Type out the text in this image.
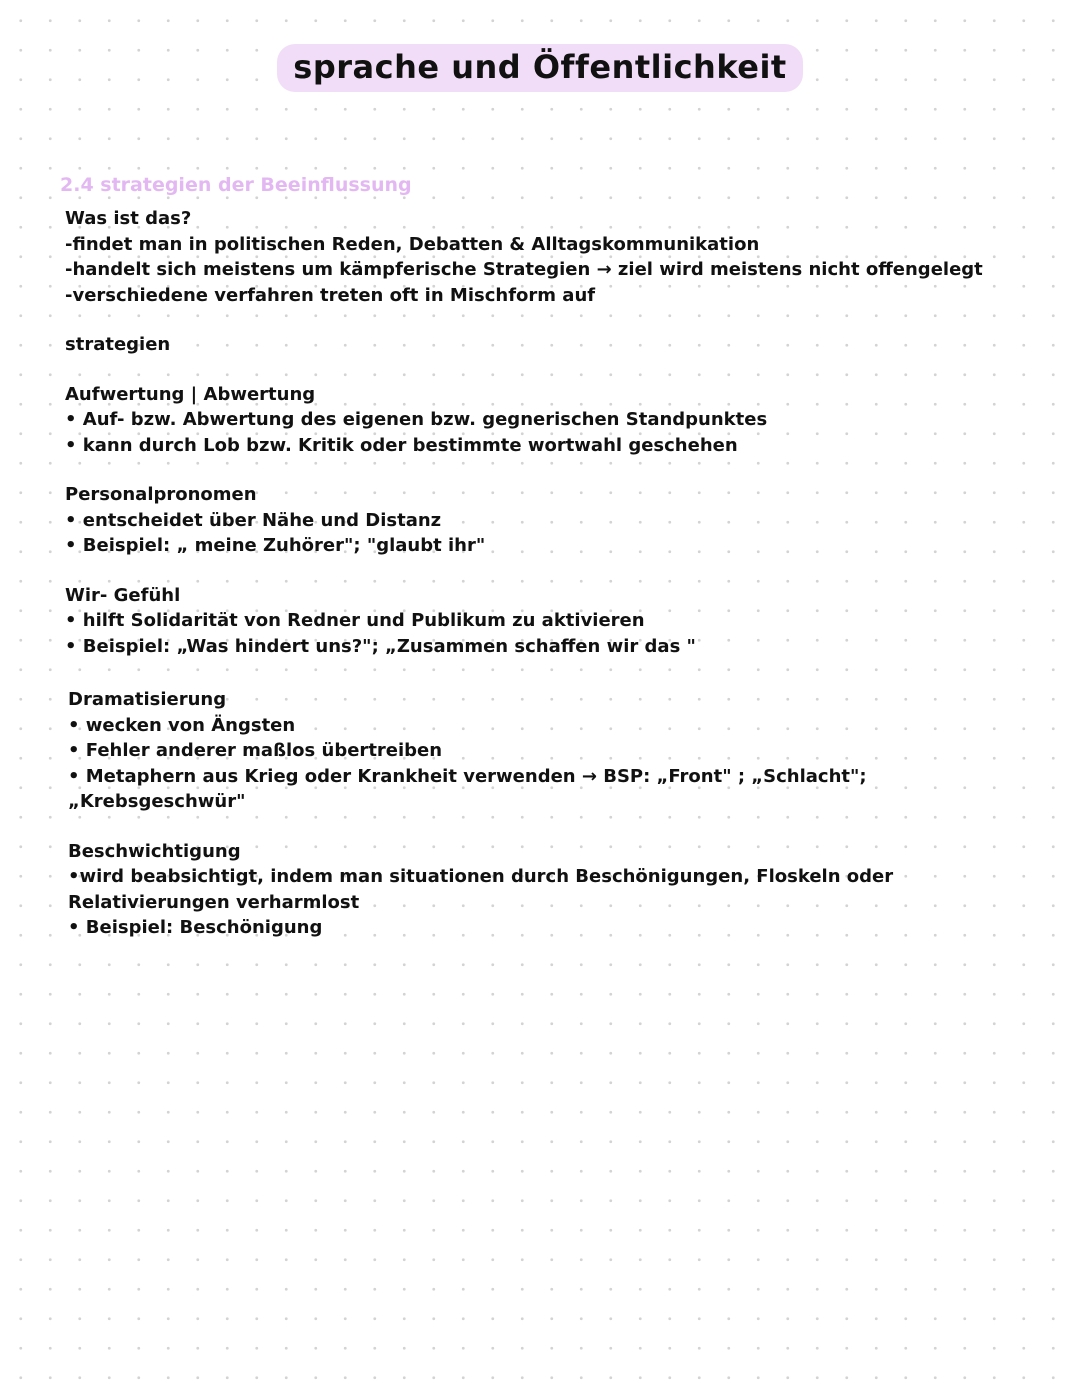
sprache und Öffentlichkeit
2.4 strategien der Beeinflussung
Was ist das?
-findet man in politischen Reden, Debatten & Alltagskommunikation
-handelt sich meistens um kämpferische Strategien → ziel wird meistens nicht offengelegt
-verschiedene verfahren treten oft in Mischform auf
strategien
Aufwertung | Abwertung
• Auf- bzw. Abwertung des eigenen bzw. gegnerischen Standpunktes
• kann durch Lob bzw. Kritik oder bestimmte wortwahl geschehen
Personalpronomen
• entscheidet über Nähe und Distanz
• Beispiel: „ meine Zuhörer"; "glaubt ihr"
Wir- Gefühl
• hilft Solidarität von Redner und Publikum zu aktivieren
• Beispiel: „Was hindert uns?"; „Zusammen schaffen wir das "
Dramatisierung
• wecken von Ängsten
• Fehler anderer maßlos übertreiben
• Metaphern aus Krieg oder Krankheit verwenden → BSP: „Front" ; „Schlacht";
„Krebsgeschwür"
Beschwichtigung
•wird beabsichtigt, indem man situationen durch Beschönigungen, Floskeln oder
Relativierungen verharmlost
• Beispiel: Beschönigung
